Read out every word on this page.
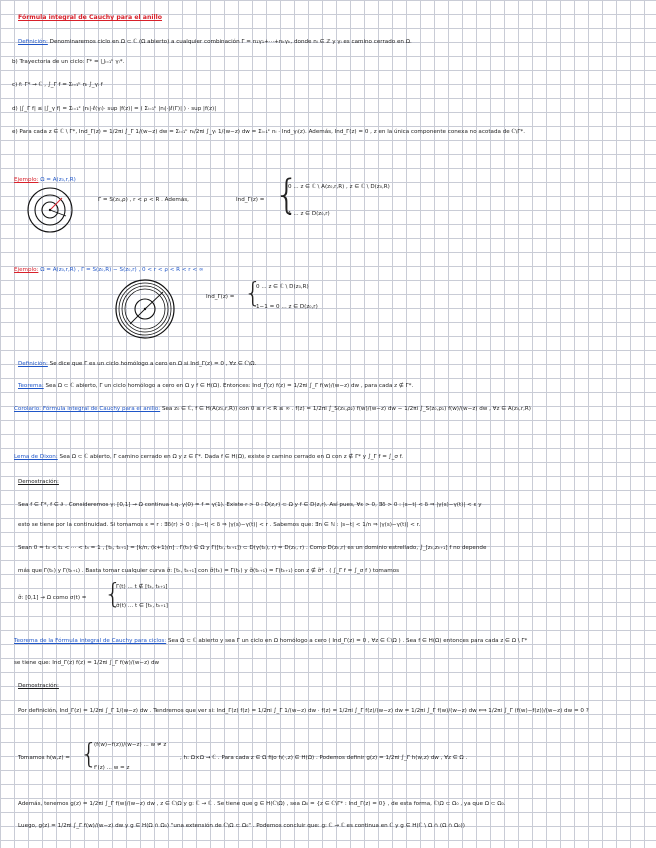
Fórmula integral de Cauchy para el anillo
Definición: Denominaremos ciclo en Ω ⊂ ℂ (Ω abierto) a cualquier combinación Γ = n₁γ₁+···+nₖγₖ, donde nᵢ ∈ ℤ y γᵢ es camino cerrado en Ω.
b) Trayectoria de un ciclo: Γ* = ⋃ᵢ₌₁ᵏ γᵢ*.
c) f: Γ* → ℂ , ∫_Γ f = Σᵢ₌₁ᵏ nᵢ ∫_γᵢ f
d) |∫_Γ f| ≤ |∫_γ f| = Σᵢ₌₁ᵏ |nᵢ|·ℓ(γᵢ)· sup |f(z)| = ( Σᵢ₌₁ᵏ |nᵢ|·|ℓ(Γ)| ) · sup |f(z)|
e) Para cada z ∈ ℂ \ Γ*, Ind_Γ(z) = 1/2πi ∫_Γ 1/(w−z) dw = Σᵢ₌₁ᵏ nᵢ/2πi ∫_γᵢ 1/(w−z) dw = Σᵢ₌₁ᵏ nᵢ · Ind_γᵢ(z). Además, Ind_Γ(z) = 0 , z en la única componente conexa no acotada de ℂ\Γ*.
Ejemplo: Ω = A(z₀,r,R)
Γ = S(z₀,ρ) , r < ρ < R . Además,	Ind_Γ(z) = {
0 ... z ∈ ℂ \ A(z₀,r,R) , z ∈ ℂ \ D(z₀,R)
1 ... z ∈ D(z₀,r)
Ejemplo: Ω = A(z₀,r,R) , Γ = S(z₀,R) − S(z₀,r) , 0 < r < ρ < R < r < ∞
Ind_Γ(z) = {
0 ... z ∈ ℂ \ D(z₀,R)
1−1 = 0 ... z ∈ D(z₀,r)
Definición: Se dice que Γ es un ciclo homólogo a cero en Ω si Ind_Γ(z) = 0 , ∀z ∈ ℂ\Ω.
Teorema: Sea Ω ⊂ ℂ abierto, Γ un ciclo homólogo a cero en Ω y f ∈ H(Ω). Entonces: Ind_Γ(z) f(z) = 1/2πi ∫_Γ f(w)/(w−z) dw , para cada z ∉ Γ*.
Corolario: Fórmula integral de Cauchy para el anillo: Sea z₀ ∈ ℂ, f ∈ H(A(z₀,r,R)) con 0 ≤ r < R ≤ ∞ . f(z) = 1/2πi ∫_S(z₀,ρ₂) f(w)/(w−z) dw − 1/2πi ∫_S(z₀,ρ₁) f(w)/(w−z) dw , ∀z ∈ A(z₀,r,R)
Lema de Dixon: Sea Ω ⊂ ℂ abierto, Γ camino cerrado en Ω y z ∈ Γ*. Dada f ∈ H(Ω), existe σ camino cerrado en Ω con z ∉ Γ* y ∫_Γ f = ∫_σ f.
Demostración:
Sea f ∈ Γ*, f ∈ ∂ . Consideremos γ: [0,1] → Ω continua t.q. γ(0) = f = γ(1). Existe r > 0 : D(z,r) ⊂ Ω y f ∈ D(z,r). Así pues, ∀ε > 0, ∃δ > 0 : |s−t| < δ ⇒ |γ(s)−γ(t)| < ε y
esto se tiene por la continuidad. Si tomamos ε = r : ∃δ(r) > 0 : |s−t| < δ ⇒ |γ(s)−γ(t)| < r . Sabemos que: ∃n ∈ ℕ : |s−t| < 1/n ⇒ |γ(s)−γ(t)| < r.
Sean 0 = t₀ < t₁ < ··· < tₙ = 1 , [tₖ, tₖ₊₁] = [k/n, (k+1)/n] . Γ(tₖ) ∈ Ω y Γ([tₖ, tₖ₊₁]) ⊂ D(γ(tₖ), r) = D(zₖ, r) . Como D(zₖ,r) es un dominio estrellado, ∫_[zₖ,zₖ₊₁] f no depende
más que Γ(tₖ) y Γ(tₖ₊₁) . Basta tomar cualquier curva σ̃: [tₖ, tₖ₊₁] con σ̃(tₖ) = Γ(tₖ) y σ̃(tₖ₊₁) = Γ(tₖ₊₁) con z ∉ σ̃* . ( ∫_Γ f = ∫_σ f ) tomamos
σ̃: [0,1] → Ω como σ(t) = {
Γ(t) ... t ∉ [tₖ, tₖ₊₁]
σ̃(t) ... t ∈ [tₖ, tₖ₊₁]
Teorema de la Fórmula integral de Cauchy para ciclos: Sea Ω ⊂ ℂ abierto y sea Γ un ciclo en Ω homólogo a cero ( Ind_Γ(z) = 0 , ∀z ∈ ℂ\Ω ) . Sea f ∈ H(Ω) entonces para cada z ∈ Ω \ Γ*
se tiene que: Ind_Γ(z) f(z) = 1/2πi ∫_Γ f(w)/(w−z) dw
Demostración:
Por definición, Ind_Γ(z) = 1/2πi ∫_Γ 1/(w−z) dw . Tendremos que ver si: Ind_Γ(z) f(z) = 1/2πi ∫_Γ 1/(w−z) dw · f(z) = 1/2πi ∫_Γ f(z)/(w−z) dw = 1/2πi ∫_Γ f(w)/(w−z) dw ⟺ 1/2πi ∫_Γ (f(w)−f(z))/(w−z) dw = 0 ?
Tomamos h(w,z) = {
(f(w)−f(z))/(w−z) ... w ≠ z
f'(z) ... w = z
, h: Ω×Ω → ℂ . Para cada z ∈ Ω fijo h(·,z) ∈ H(Ω) . Podemos definir g(z) = 1/2πi ∫_Γ h(w,z) dw , ∀z ∈ Ω .
Además, tenemos g(z) = 1/2πi ∫_Γ f(w)/(w−z) dw , z ∈ ℂ\Ω y g: ℂ → ℂ . Se tiene que g ∈ H(ℂ\Ω) , sea Ω₀ = {z ∈ ℂ\Γ* : Ind_Γ(z) = 0} , de esta forma, ℂ\Ω ⊂ Ω₀ , ya que Ω ⊂ Ω₀.
Luego, g(z) = 1/2πi ∫_Γ f(w)/(w−z) dw y g ∈ H(Ω ∩ Ω₀) "una extensión de ℂ\Ω ⊂ Ω₀" . Podemos concluir que: g: ℂ → ℂ es continua en ℂ y g ∈ H(ℂ \ Ω ∩ (Ω ∩ Ω₀))
